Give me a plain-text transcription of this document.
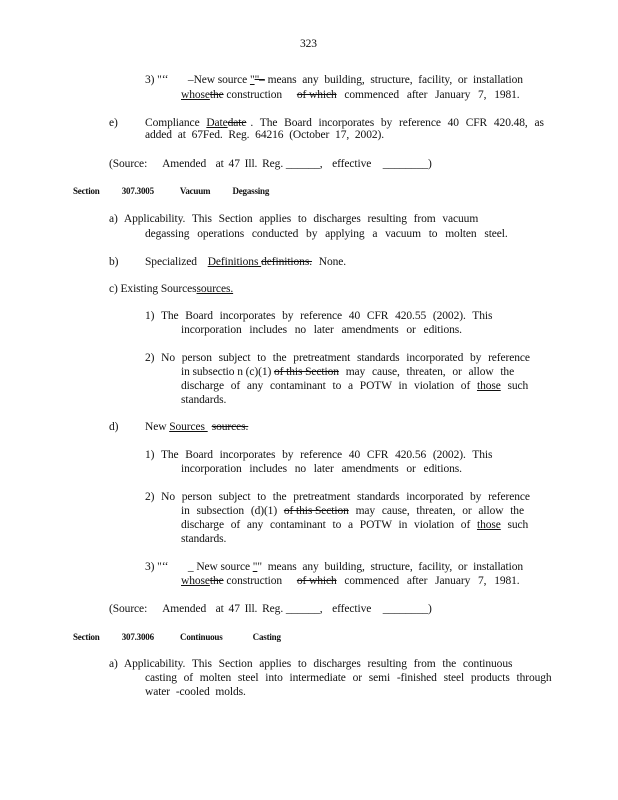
323
3) "‘‘ –New source ""– means any building, structure, facility, or installation
whosethe construction of which commenced after January 7, 1981.
e) Compliance Datedate . The Board incorporates by reference 40 CFR 420.48, as
added at 67Fed. Reg. 64216 (October 17, 2002).
(Source: Amended at 47 Ill. Reg. ______, effective ________)
Section 307.3005	Vacuum Degassing
a) Applicability. This Section applies to discharges resulting from vacuum
degassing operations conducted by applying a vacuum to molten steel.
b) Specialized Definitions definitions. None.
c) Existing Sourcessources.
1) The Board incorporates by reference 40 CFR 420.55 (2002). This
incorporation includes no later amendments or editions.
2) No person subject to the pretreatment standards incorporated by reference
in subsectio n (c)(1) of this Section may cause, threaten, or allow the
discharge of any contaminant to a POTW in violation of those such
standards.
d) New Sources sources.
1) The Board incorporates by reference 40 CFR 420.56 (2002). This
incorporation includes no later amendments or editions.
2) No person subject to the pretreatment standards incorporated by reference
in subsection (d)(1) of this Section may cause, threaten, or allow the
discharge of any contaminant to a POTW in violation of those such
standards.
3) "‘‘ _ New source "" means any building, structure, facility, or installation
whosethe construction of which commenced after January 7, 1981.
(Source: Amended at 47 Ill. Reg. ______, effective ________)
Section 307.3006	Continuous	Casting
a) Applicability. This Section applies to discharges resulting from the continuous
casting of molten steel into intermediate or semi -finished steel products through
water -cooled molds.
